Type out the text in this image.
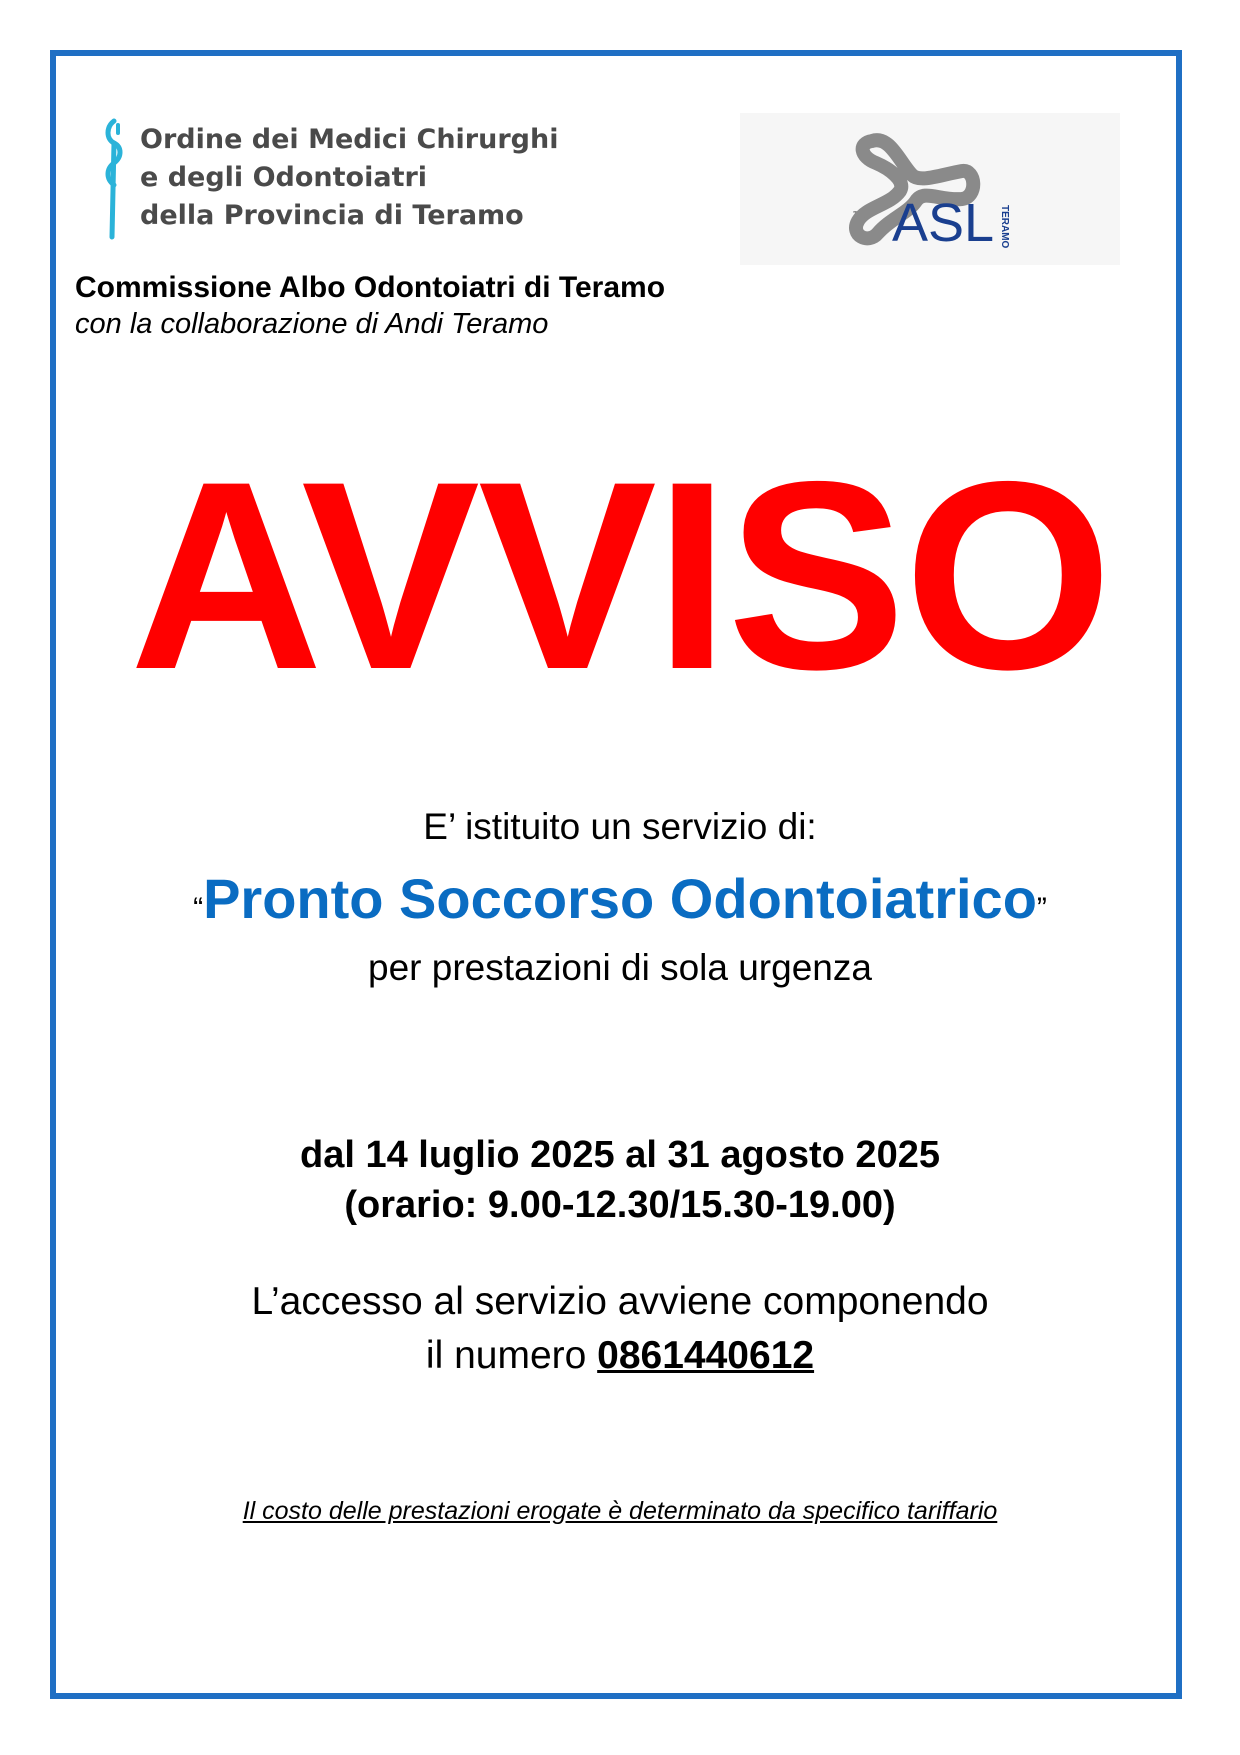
Ordine dei Medici Chirurghi
e degli Odontoiatri
della Provincia di Teramo	106 ASL TERAMO
Commissione Albo Odontoiatri di Teramo
con la collaborazione di Andi Teramo
AVVISO
E’ istituito un servizio di:
“Pronto Soccorso Odontoiatrico”
per prestazioni di sola urgenza
dal 14 luglio 2025 al 31 agosto 2025
(orario: 9.00-12.30/15.30-19.00)
L’accesso al servizio avviene componendo
il numero 0861440612
Il costo delle prestazioni erogate è determinato da specifico tariffario
